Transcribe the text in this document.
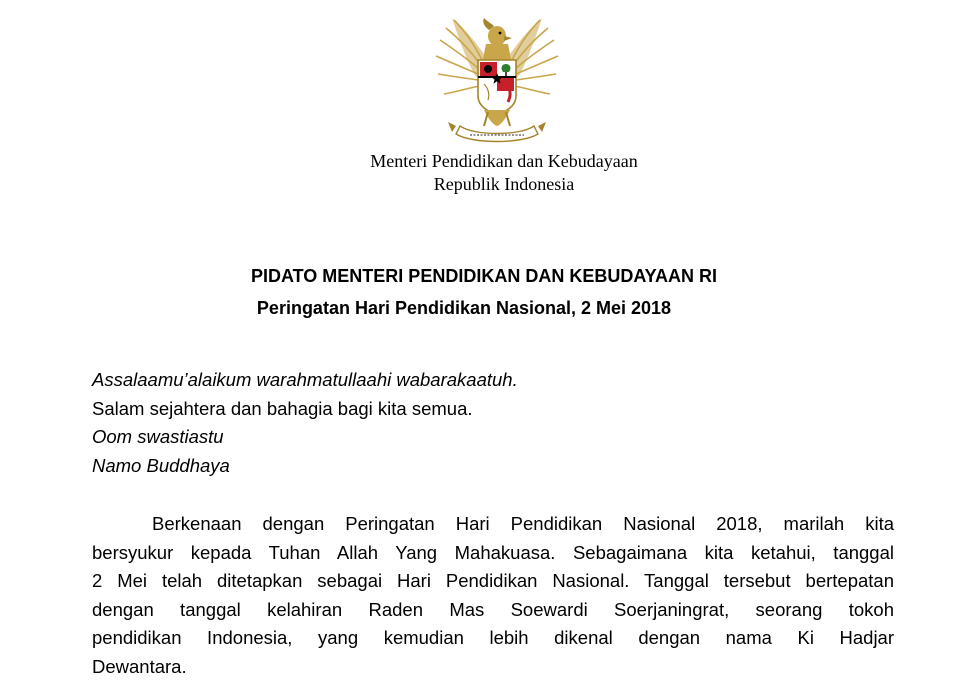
Menteri Pendidikan dan Kebudayaan
Republik Indonesia
PIDATO MENTERI PENDIDIKAN DAN KEBUDAYAAN RI
Peringatan Hari Pendidikan Nasional, 2 Mei 2018
Assalaamu’alaikum warahmatullaahi wabarakaatuh.
Salam sejahtera dan bahagia bagi kita semua.
Oom swastiastu
Namo Buddhaya
Berkenaan dengan Peringatan Hari Pendidikan Nasional 2018, marilah kita
bersyukur kepada Tuhan Allah Yang Mahakuasa. Sebagaimana kita ketahui, tanggal
2 Mei telah ditetapkan sebagai Hari Pendidikan Nasional. Tanggal tersebut bertepatan
dengan tanggal kelahiran Raden Mas Soewardi Soerjaningrat, seorang tokoh
pendidikan Indonesia, yang kemudian lebih dikenal dengan nama Ki Hadjar
Dewantara.
